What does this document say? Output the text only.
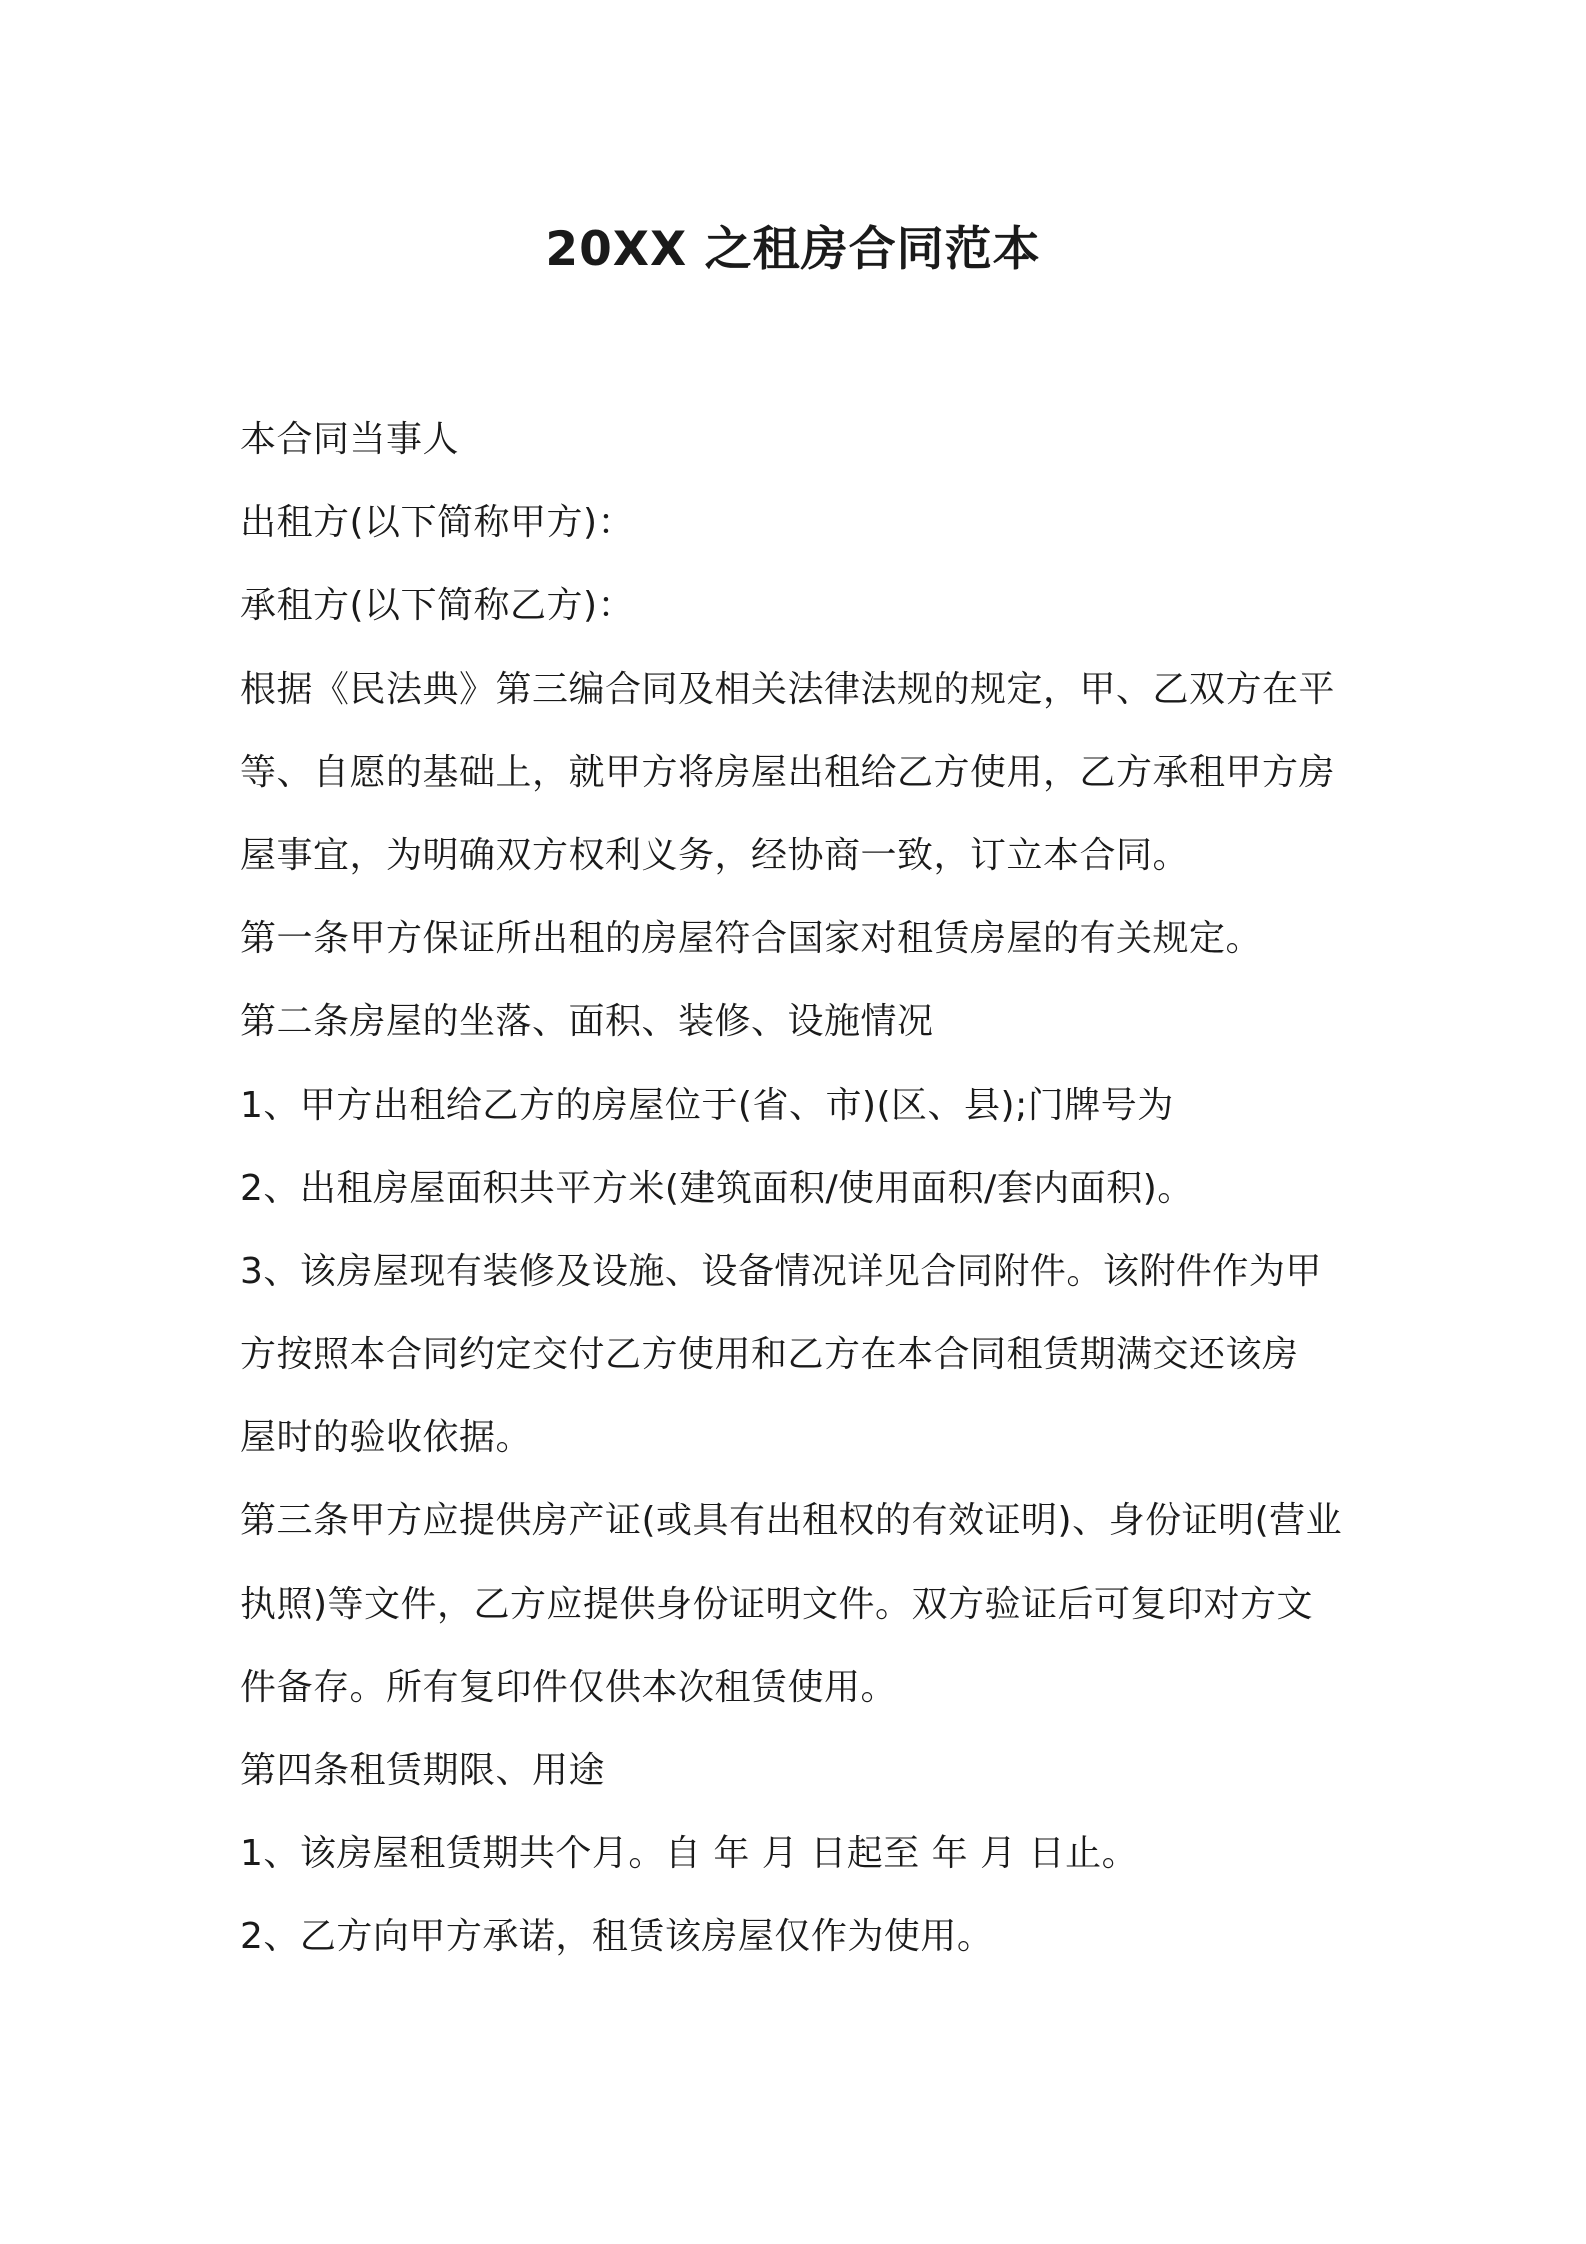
20XX 之租房合同范本
本合同当事人
出租方(以下简称甲方)：
承租方(以下简称乙方)：
根据《民法典》第三编合同及相关法律法规的规定，甲、乙双方在平
等、自愿的基础上，就甲方将房屋出租给乙方使用，乙方承租甲方房
屋事宜，为明确双方权利义务，经协商一致，订立本合同。
第一条甲方保证所出租的房屋符合国家对租赁房屋的有关规定。
第二条房屋的坐落、面积、装修、设施情况
1、甲方出租给乙方的房屋位于(省、市)(区、县);门牌号为
2、出租房屋面积共平方米(建筑面积/使用面积/套内面积)。
3、该房屋现有装修及设施、设备情况详见合同附件。该附件作为甲
方按照本合同约定交付乙方使用和乙方在本合同租赁期满交还该房
屋时的验收依据。
第三条甲方应提供房产证(或具有出租权的有效证明)、身份证明(营业
执照)等文件，乙方应提供身份证明文件。双方验证后可复印对方文
件备存。所有复印件仅供本次租赁使用。
第四条租赁期限、用途
1、该房屋租赁期共个月。自 年 月 日起至 年 月 日止。
2、乙方向甲方承诺，租赁该房屋仅作为使用。
